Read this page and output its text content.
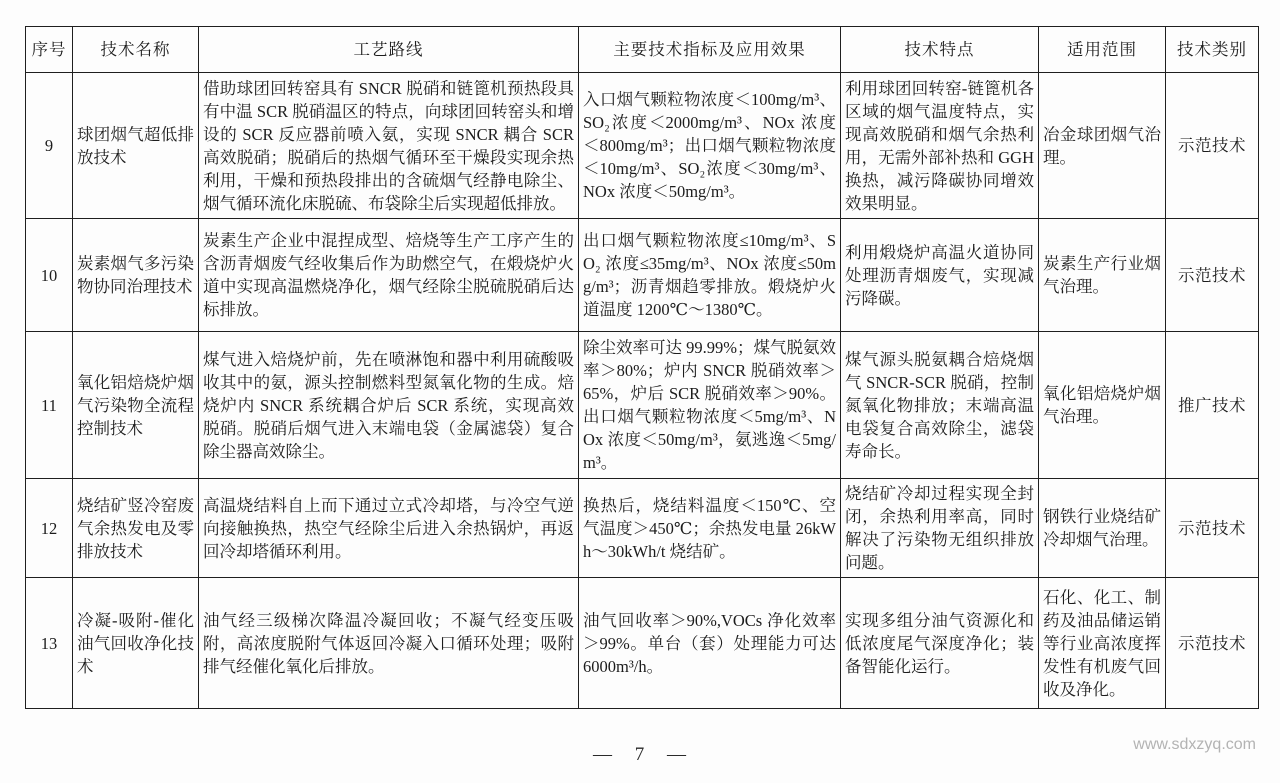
序号	技术名称	工艺路线	主要技术指标及应用效果	技术特点	适用范围	技术类别
9	球团烟气超低排放技术	借助球团回转窑具有 SNCR 脱硝和链篦机预热段具有中温 SCR 脱硝温区的特点，向球团回转窑头和增设的 SCR 反应器前喷入氨，实现 SNCR 耦合 SCR 高效脱硝；脱硝后的热烟气循环至干燥段实现余热利用，干燥和预热段排出的含硫烟气经静电除尘、烟气循环流化床脱硫、布袋除尘后实现超低排放。	入口烟气颗粒物浓度＜100mg/m³、SO₂浓度＜2000mg/m³、NOx 浓度＜800mg/m³；出口烟气颗粒物浓度＜10mg/m³、SO₂浓度＜30mg/m³、NOx 浓度＜50mg/m³。	利用球团回转窑-链篦机各区域的烟气温度特点，实现高效脱硝和烟气余热利用，无需外部补热和 GGH 换热，减污降碳协同增效效果明显。	冶金球团烟气治理。	示范技术
10	炭素烟气多污染物协同治理技术	炭素生产企业中混捏成型、焙烧等生产工序产生的含沥青烟废气经收集后作为助燃空气，在煅烧炉火道中实现高温燃烧净化，烟气经除尘脱硫脱硝后达标排放。	出口烟气颗粒物浓度≤10mg/m³、SO₂ 浓度≤35mg/m³、NOx 浓度≤50mg/m³；沥青烟趋零排放。煅烧炉火道温度 1200℃～1380℃。	利用煅烧炉高温火道协同处理沥青烟废气，实现减污降碳。	炭素生产行业烟气治理。	示范技术
11	氧化铝焙烧炉烟气污染物全流程控制技术	煤气进入焙烧炉前，先在喷淋饱和器中利用硫酸吸收其中的氨，源头控制燃料型氮氧化物的生成。焙烧炉内 SNCR 系统耦合炉后 SCR 系统，实现高效脱硝。脱硝后烟气进入末端电袋（金属滤袋）复合除尘器高效除尘。	除尘效率可达 99.99%；煤气脱氨效率＞80%；炉内 SNCR 脱硝效率＞65%，炉后 SCR 脱硝效率＞90%。出口烟气颗粒物浓度＜5mg/m³、NOx 浓度＜50mg/m³，氨逃逸＜5mg/m³。	煤气源头脱氨耦合焙烧烟气 SNCR-SCR 脱硝，控制氮氧化物排放；末端高温电袋复合高效除尘，滤袋寿命长。	氧化铝焙烧炉烟气治理。	推广技术
12	烧结矿竖冷窑废气余热发电及零排放技术	高温烧结料自上而下通过立式冷却塔，与冷空气逆向接触换热，热空气经除尘后进入余热锅炉，再返回冷却塔循环利用。	换热后，烧结料温度＜150℃、空气温度＞450℃；余热发电量 26kWh～30kWh/t 烧结矿。	烧结矿冷却过程实现全封闭，余热利用率高，同时解决了污染物无组织排放问题。	钢铁行业烧结矿冷却烟气治理。	示范技术
13	冷凝-吸附-催化油气回收净化技术	油气经三级梯次降温冷凝回收；不凝气经变压吸附，高浓度脱附气体返回冷凝入口循环处理；吸附排气经催化氧化后排放。	油气回收率＞90%,VOCs 净化效率＞99%。单台（套）处理能力可达 6000m³/h。	实现多组分油气资源化和低浓度尾气深度净化；装备智能化运行。	石化、化工、制药及油品储运销等行业高浓度挥发性有机废气回收及净化。	示范技术
— 7 —	www.sdxzyq.com
